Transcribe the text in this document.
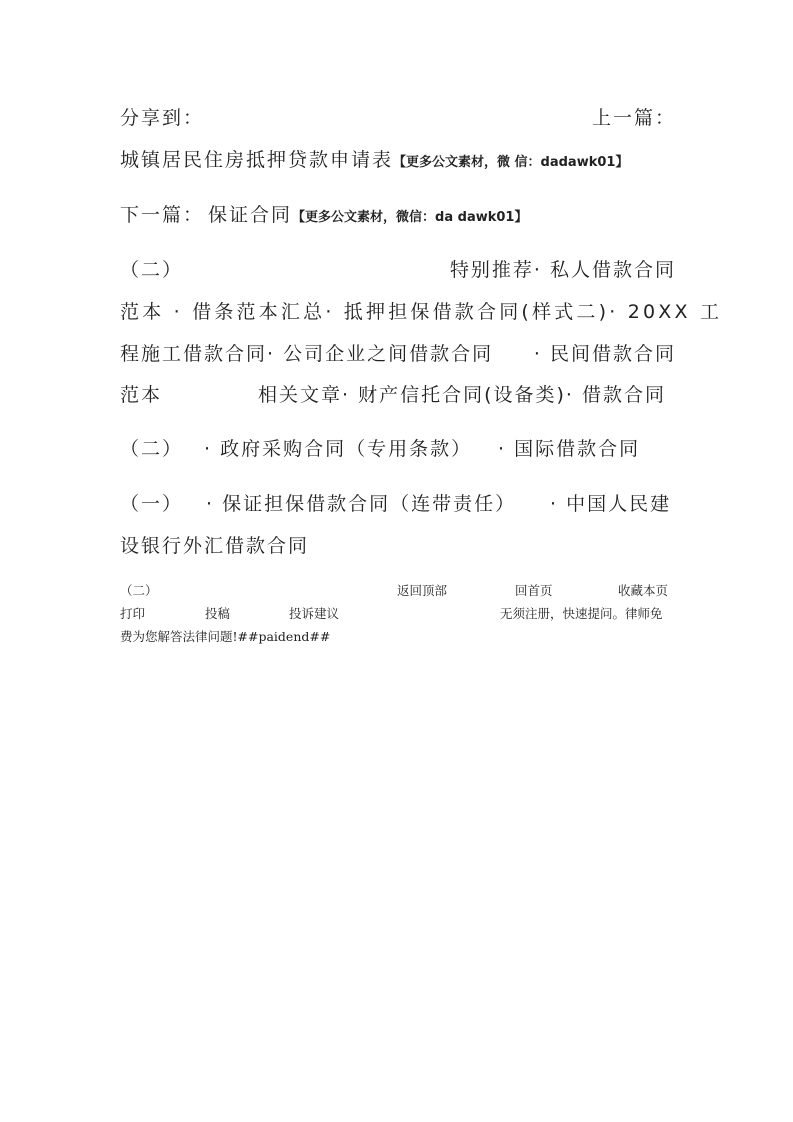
分享到：	上一篇：
城镇居民住房抵押贷款申请表【更多公文素材，微 信：dadawk01】
下一篇： 保证合同【更多公文素材，微信：da dawk01】
（二）	特别推荐· 私人借款合同
范本 · 借条范本汇总· 抵押担保借款合同(样式二)· 20XX 工
程施工借款合同· 公司企业之间借款合同 · 民间借款合同
范本	相关文章· 财产信托合同(设备类)· 借款合同
（二） · 政府采购合同（专用条款） · 国际借款合同
（一） · 保证担保借款合同（连带责任） · 中国人民建
设银行外汇借款合同
（二）	返回顶部	回首页	收藏本页
打印	投稿	投诉建议	无须注册，快速提问。律师免
费为您解答法律问题!##paidend##
